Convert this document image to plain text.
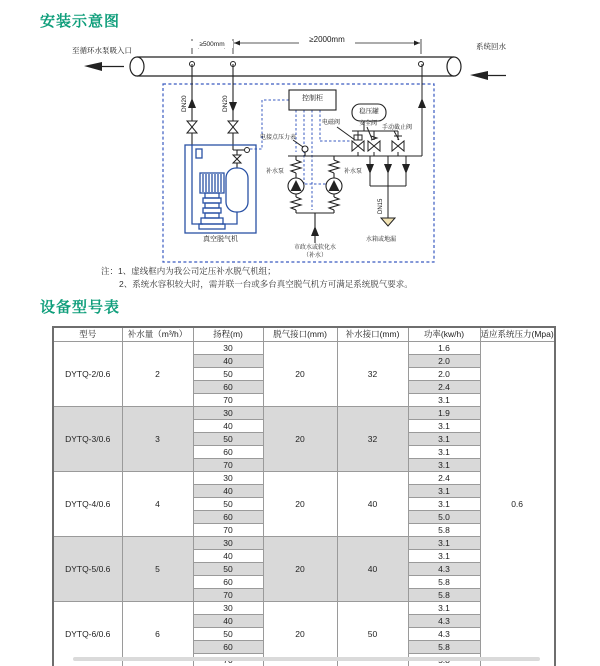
安装示意图
至循环水泵吸入口	系统回水
≥500mm
≥2000mm
DN20	DN20
DN15
控制柜
稳压罐
电磁阀	安全阀
手动截止阀
电接点压力表
补水泵	补水泵
真空脱气机
市政水或软化水
（补水）
水箱或地漏
注：1、虚线框内为我公司定压补水脱气机组；
2、系统水容积较大时，需并联一台或多台真空脱气机方可满足系统脱气要求。
设备型号表
型号	补水量（m³/h）	扬程(m)	脱气接口(mm)	补水接口(mm)	功率(kw/h)	适应系统压力(Mpa)
DYTQ-2/0.6	2	30	20	32	1.6	0.6
		40			2.0	
		50			2.0	
		60			2.4	
		70			3.1	
DYTQ-3/0.6	3	30	20	32	1.9	
		40			3.1	
		50			3.1	
		60			3.1	
		70			3.1	
DYTQ-4/0.6	4	30	20	40	2.4	
		40			3.1	
		50			3.1	
		60			5.0	
		70			5.8	
DYTQ-5/0.6	5	30	20	40	3.1	
		40			3.1	
		50			4.3	
		60			5.8	
		70			5.8	
DYTQ-6/0.6	6	30	20	50	3.1	
		40			4.3	
		50			4.3	
		60			5.8	
